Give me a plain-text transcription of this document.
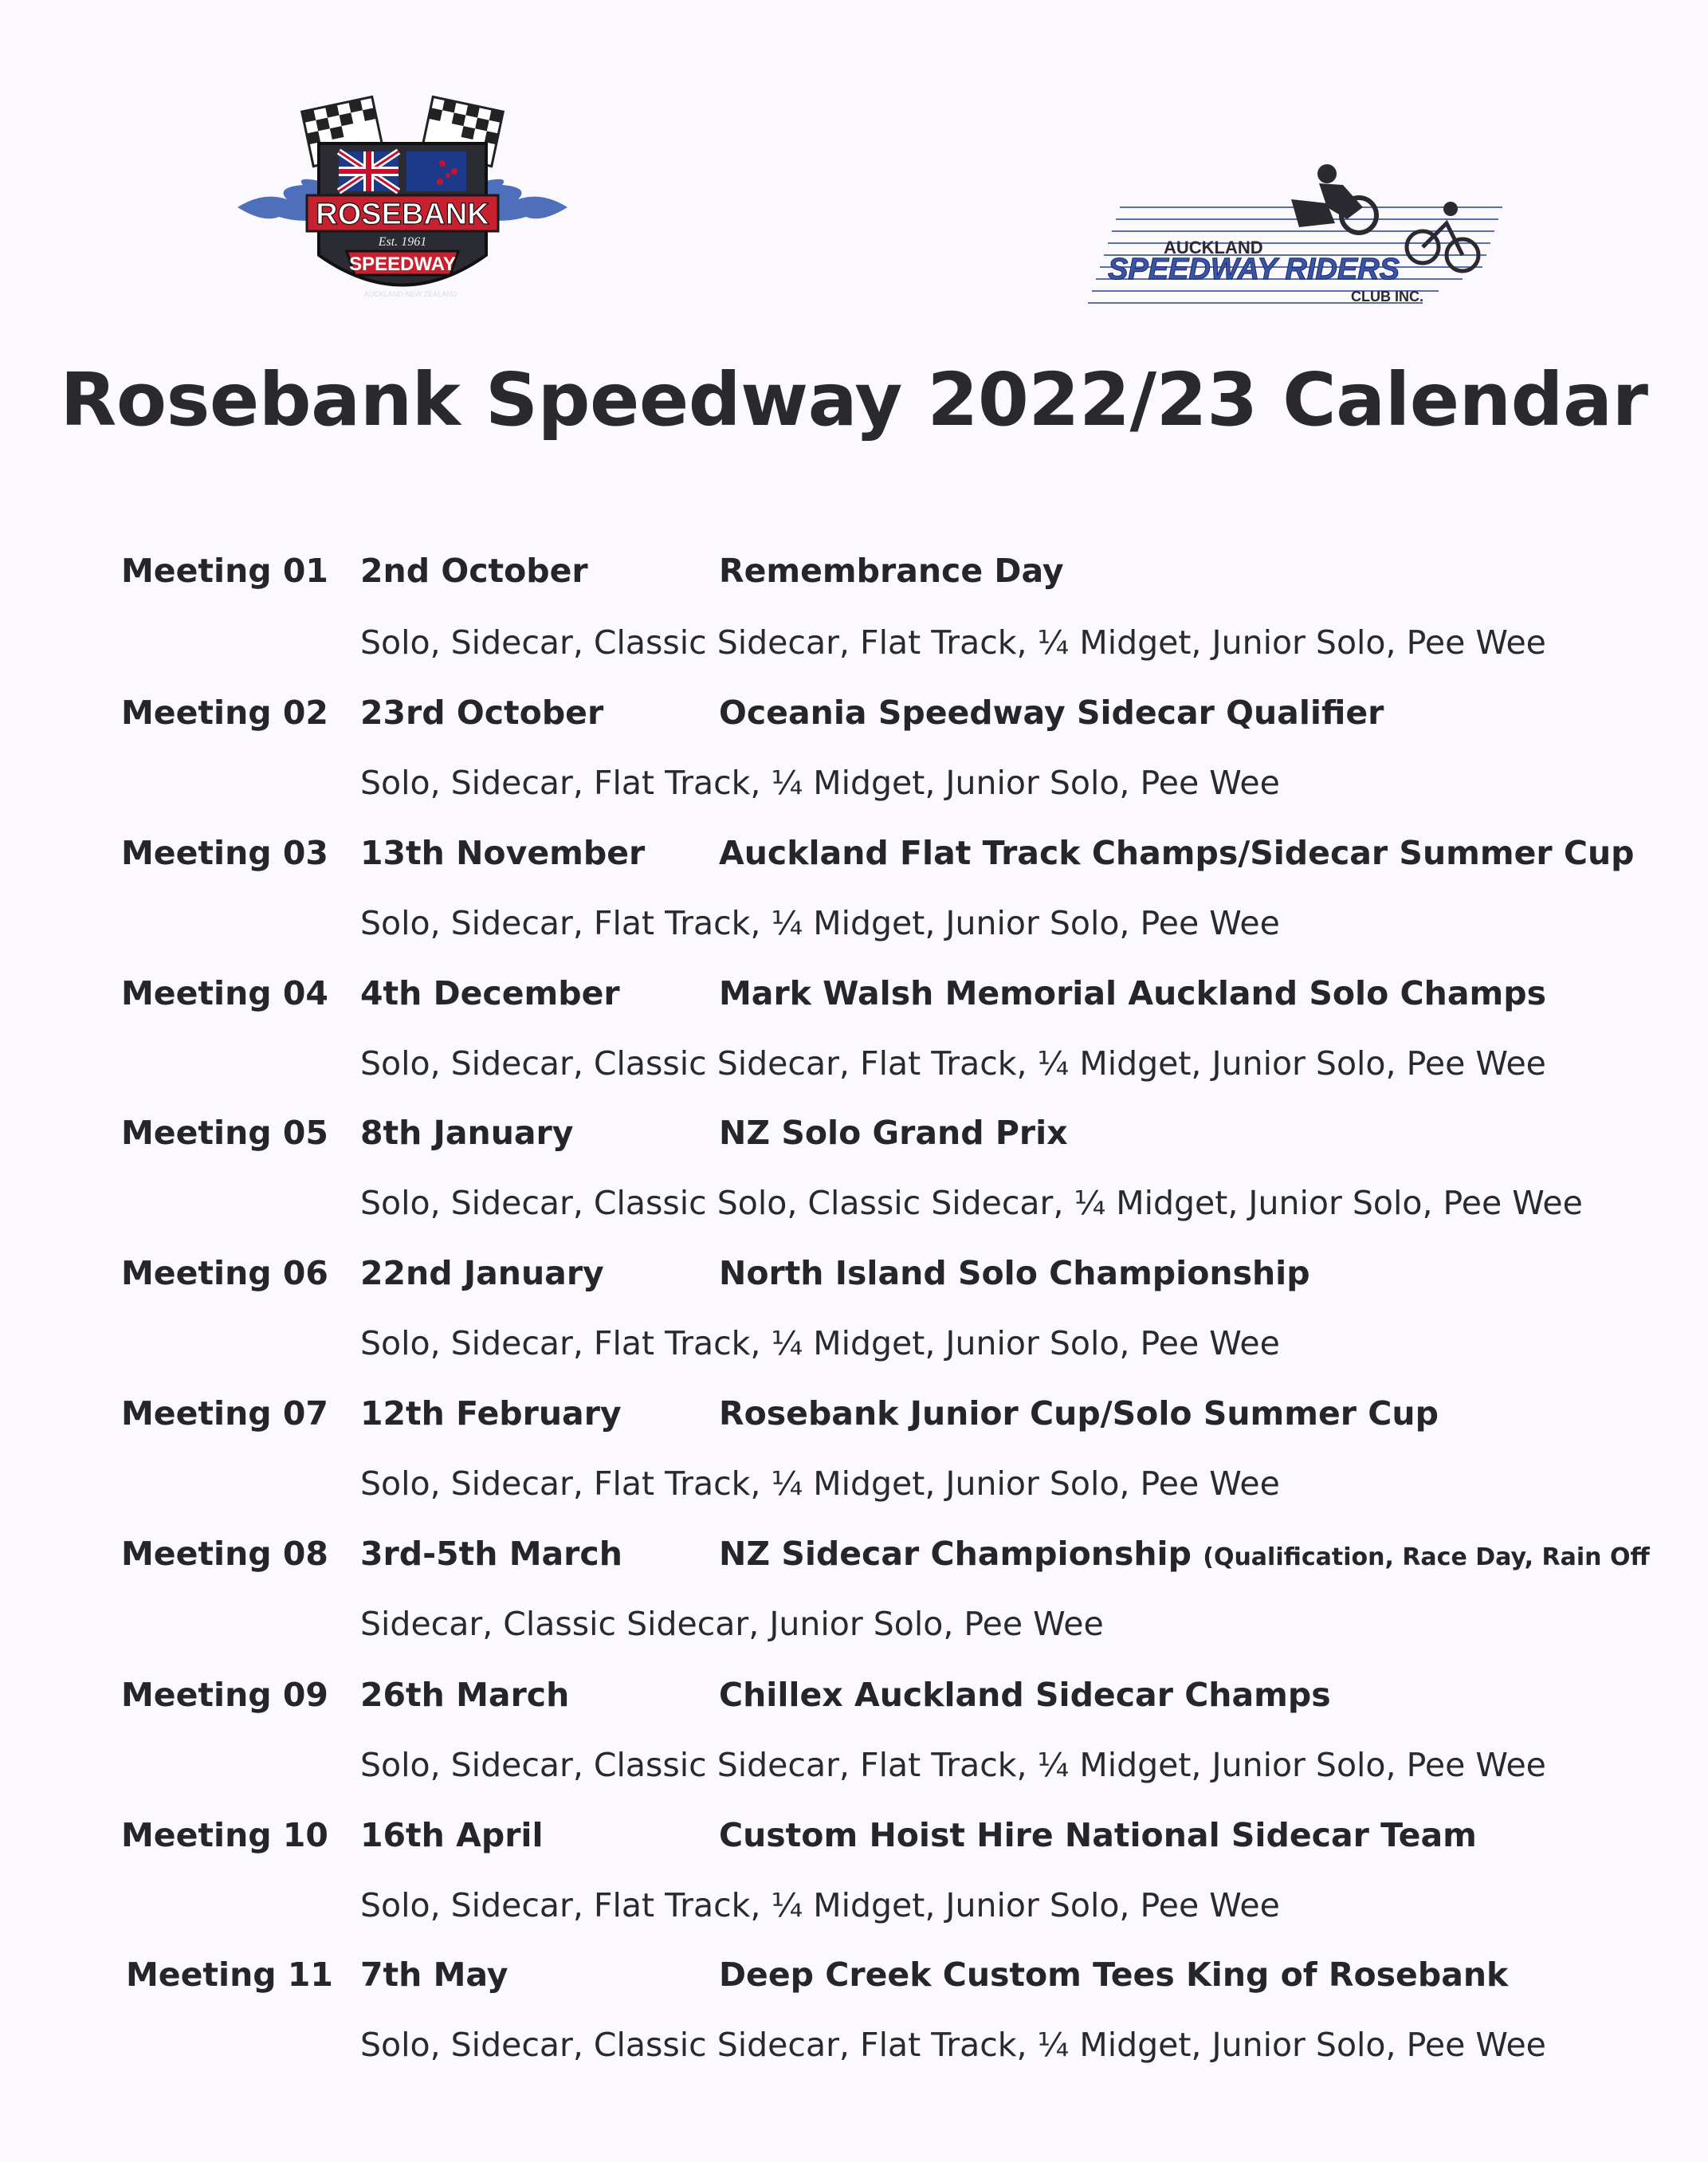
ROSEBANK
Est. 1961
SPEEDWAY
AUCKLAND NEW ZEALAND
AUCKLAND
SPEEDWAY RIDERS
CLUB INC.
Rosebank Speedway 2022/23 Calendar
Meeting 01 2nd October	Remembrance Day
Solo, Sidecar, Classic Sidecar, Flat Track, ¼ Midget, Junior Solo, Pee Wee
Meeting 02 23rd October	Oceania Speedway Sidecar Qualifier
Solo, Sidecar, Flat Track, ¼ Midget, Junior Solo, Pee Wee
Meeting 03 13th November Auckland Flat Track Champs/Sidecar Summer Cup
Solo, Sidecar, Flat Track, ¼ Midget, Junior Solo, Pee Wee
Meeting 04 4th December	Mark Walsh Memorial Auckland Solo Champs
Solo, Sidecar, Classic Sidecar, Flat Track, ¼ Midget, Junior Solo, Pee Wee
Meeting 05 8th January	NZ Solo Grand Prix
Solo, Sidecar, Classic Solo, Classic Sidecar, ¼ Midget, Junior Solo, Pee Wee
Meeting 06 22nd January	North Island Solo Championship
Solo, Sidecar, Flat Track, ¼ Midget, Junior Solo, Pee Wee
Meeting 07 12th February	Rosebank Junior Cup/Solo Summer Cup
Solo, Sidecar, Flat Track, ¼ Midget, Junior Solo, Pee Wee
Meeting 08 3rd-5th March	NZ Sidecar Championship (Qualification, Race Day, Rain Off
Sidecar, Classic Sidecar, Junior Solo, Pee Wee
Meeting 09 26th March	Chillex Auckland Sidecar Champs
Solo, Sidecar, Classic Sidecar, Flat Track, ¼ Midget, Junior Solo, Pee Wee
Meeting 10 16th April	Custom Hoist Hire National Sidecar Team
Solo, Sidecar, Flat Track, ¼ Midget, Junior Solo, Pee Wee
Meeting 11 7th May	Deep Creek Custom Tees King of Rosebank
Solo, Sidecar, Classic Sidecar, Flat Track, ¼ Midget, Junior Solo, Pee Wee
